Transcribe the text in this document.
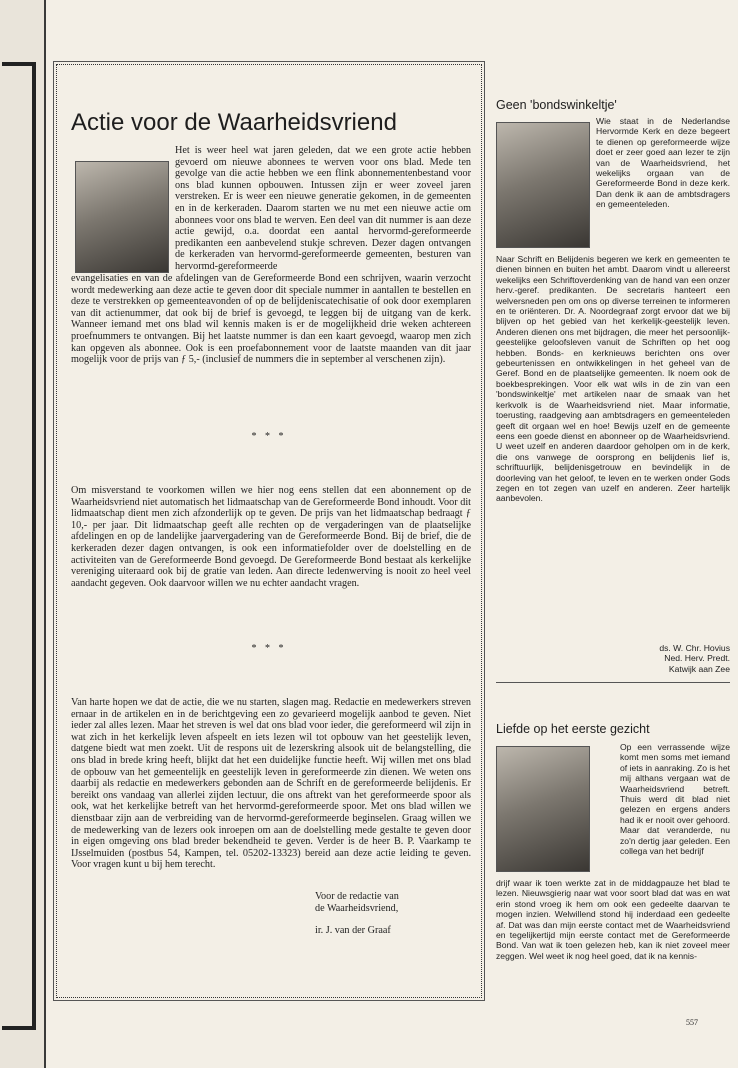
Actie voor de Waarheidsvriend

Het is weer heel wat jaren geleden, dat we een grote actie hebben gevoerd om nieuwe abonnees te werven voor ons blad. Mede ten gevolge van die actie hebben we een flink abonnementenbestand voor ons blad kunnen opbouwen. Intussen zijn er weer zoveel jaren verstreken. Er is weer een nieuwe generatie gekomen, in de gemeenten en in de kerkeraden. Daarom starten we nu met een nieuwe actie om abonnees voor ons blad te werven. Een deel van dit nummer is aan deze actie gewijd, o.a. doordat een aantal hervormd-gereformeerde predikanten een aanbevelend stukje schreven. Dezer dagen ontvangen de kerkeraden van hervormd-gereformeerde gemeenten, besturen van hervormd-gereformeerde

evangelisaties en van de afdelingen van de Gereformeerde Bond een schrijven, waarin verzocht wordt medewerking aan deze actie te geven door dit speciale nummer in aantallen te bestellen en deze te verstrekken op gemeenteavonden of op de belijdeniscatechisatie of ook door exemplaren van dit actienummer, dat ook bij de brief is gevoegd, te leggen bij de uitgang van de kerk. Wanneer iemand met ons blad wil kennis maken is er de mogelijkheid drie weken achtereen proefnummers te ontvangen. Bij het laatste nummer is dan een kaart gevoegd, waarop men zich kan opgeven als abonnee. Ook is een proefabonnement voor de laatste maanden van dit jaar mogelijk voor de prijs van ƒ 5,- (inclusief de nummers die in september al verschenen zijn).

* * *

Om misverstand te voorkomen willen we hier nog eens stellen dat een abonnement op de Waarheidsvriend niet automatisch het lidmaatschap van de Gereformeerde Bond inhoudt. Voor dit lidmaatschap dient men zich afzonderlijk op te geven. De prijs van het lidmaatschap bedraagt ƒ 10,- per jaar. Dit lidmaatschap geeft alle rechten op de vergaderingen van de plaatselijke afdelingen en op de landelijke jaarvergadering van de Gereformeerde Bond. Bij de brief, die de kerkeraden dezer dagen ontvangen, is ook een informatiefolder over de doelstelling en de activiteiten van de Gereformeerde Bond gevoegd. De Gereformeerde Bond bestaat als kerkelijke vereniging uiteraard ook bij de gratie van leden. Aan directe ledenwerving is nooit zo heel veel aandacht gegeven. Ook daarvoor willen we nu echter aandacht vragen.

* * *

Van harte hopen we dat de actie, die we nu starten, slagen mag. Redactie en medewerkers streven ernaar in de artikelen en in de berichtgeving een zo gevarieerd mogelijk aanbod te geven. Niet ieder zal alles lezen. Maar het streven is wel dat ons blad voor ieder, die gereformeerd wil zijn in wat zich in het kerkelijk leven afspeelt en iets lezen wil tot opbouw van het geestelijk leven, datgene biedt wat men zoekt. Uit de respons uit de lezerskring alsook uit de belangstelling, die ons blad in brede kring heeft, blijkt dat het een duidelijke functie heeft. Wij willen met ons blad de opbouw van het gemeentelijk en geestelijk leven in gereformeerde zin dienen. We weten ons daarbij als redactie en medewerkers gebonden aan de Schrift en de gereformeerde belijdenis. Er bereikt ons vandaag van allerlei zijden lectuur, die ons aftrekt van het gereformeerde spoor als ook, wat het kerkelijke betreft van het hervormd-gereformeerde spoor. Met ons blad willen we dienstbaar zijn aan de verbreiding van de hervormd-gereformeerde beginselen. Graag willen we de medewerking van de lezers ook inroepen om aan de doelstelling mede gestalte te geven door in eigen omgeving ons blad breder bekendheid te geven. Verder is de heer B. P. Vaarkamp te IJsselmuiden (postbus 54, Kampen, tel. 05202-13323) bereid aan deze actie leiding te geven. Voor vragen kunt u bij hem terecht.

Voor de redactie van
de Waarheidsvriend,
ir. J. van der Graaf
Geen 'bondswinkeltje'

Wie staat in de Nederlandse Hervormde Kerk en deze begeert te dienen op gereformeerde wijze doet er zeer goed aan lezer te zijn van de Waarheidsvriend, het wekelijks orgaan van de Gereformeerde Bond in deze kerk. Dan denk ik aan de ambtsdragers en gemeenteleden.

Naar Schrift en Belijdenis begeren we kerk en gemeenten te dienen binnen en buiten het ambt. Daarom vindt u allereerst wekelijks een Schriftoverdenking van de hand van een onzer herv.-geref. predikanten. De secretaris hanteert een welversneden pen om ons op diverse terreinen te informeren en te oriënteren. Dr. A. Noordegraaf zorgt ervoor dat we bij blijven op het gebied van het kerkelijk-geestelijk leven. Anderen dienen ons met bijdragen, die meer het persoonlijk-geestelijke geloofsleven vanuit de Schriften op het oog hebben. Bonds- en kerknieuws berichten ons over gebeurtenissen en ontwikkelingen in het geheel van de Geref. Bond en de plaatselijke gemeenten. Ik noem ook de boekbesprekingen. Voor elk wat wils in de zin van een 'bondswinkeltje' met artikelen naar de smaak van het kerkvolk is de Waarheidsvriend niet. Maar informatie, toerusting, raadgeving aan ambtsdragers en gemeenteleden geeft dit orgaan wel en hoe! Bewijs uzelf en de gemeente eens een goede dienst en abonneer op de Waarheidsvriend. U weet uzelf en anderen daardoor geholpen om in de kerk, die ons vanwege de oorsprong en belijdenis lief is, schriftuurlijk, belijdenisgetrouw en bevindelijk in de doorleving van het geloof, te leven en te werken onder Gods zegen en tot zegen van uzelf en anderen. Zeer hartelijk aanbevolen.

ds. W. Chr. Hovius
Ned. Herv. Predt.
Katwijk aan Zee
Liefde op het eerste gezicht

Op een verrassende wijze komt men soms met iemand of iets in aanraking. Zo is het mij althans vergaan wat de Waarheidsvriend betreft. Thuis werd dit blad niet gelezen en ergens anders had ik er nooit over gehoord. Maar dat veranderde, nu zo'n dertig jaar geleden. Een collega van het bedrijf

drijf waar ik toen werkte zat in de middagpauze het blad te lezen. Nieuwsgierig naar wat voor soort blad dat was en wat erin stond vroeg ik hem om ook een gedeelte daarvan te mogen inzien. Welwillend stond hij inderdaad een gedeelte af. Dat was dan mijn eerste contact met de Waarheidsvriend en tegelijkertijd mijn eerste contact met de Gereformeerde Bond. Van wat ik toen gelezen heb, kan ik niet zoveel meer zeggen. Wel weet ik nog heel goed, dat ik na kennis-

557
